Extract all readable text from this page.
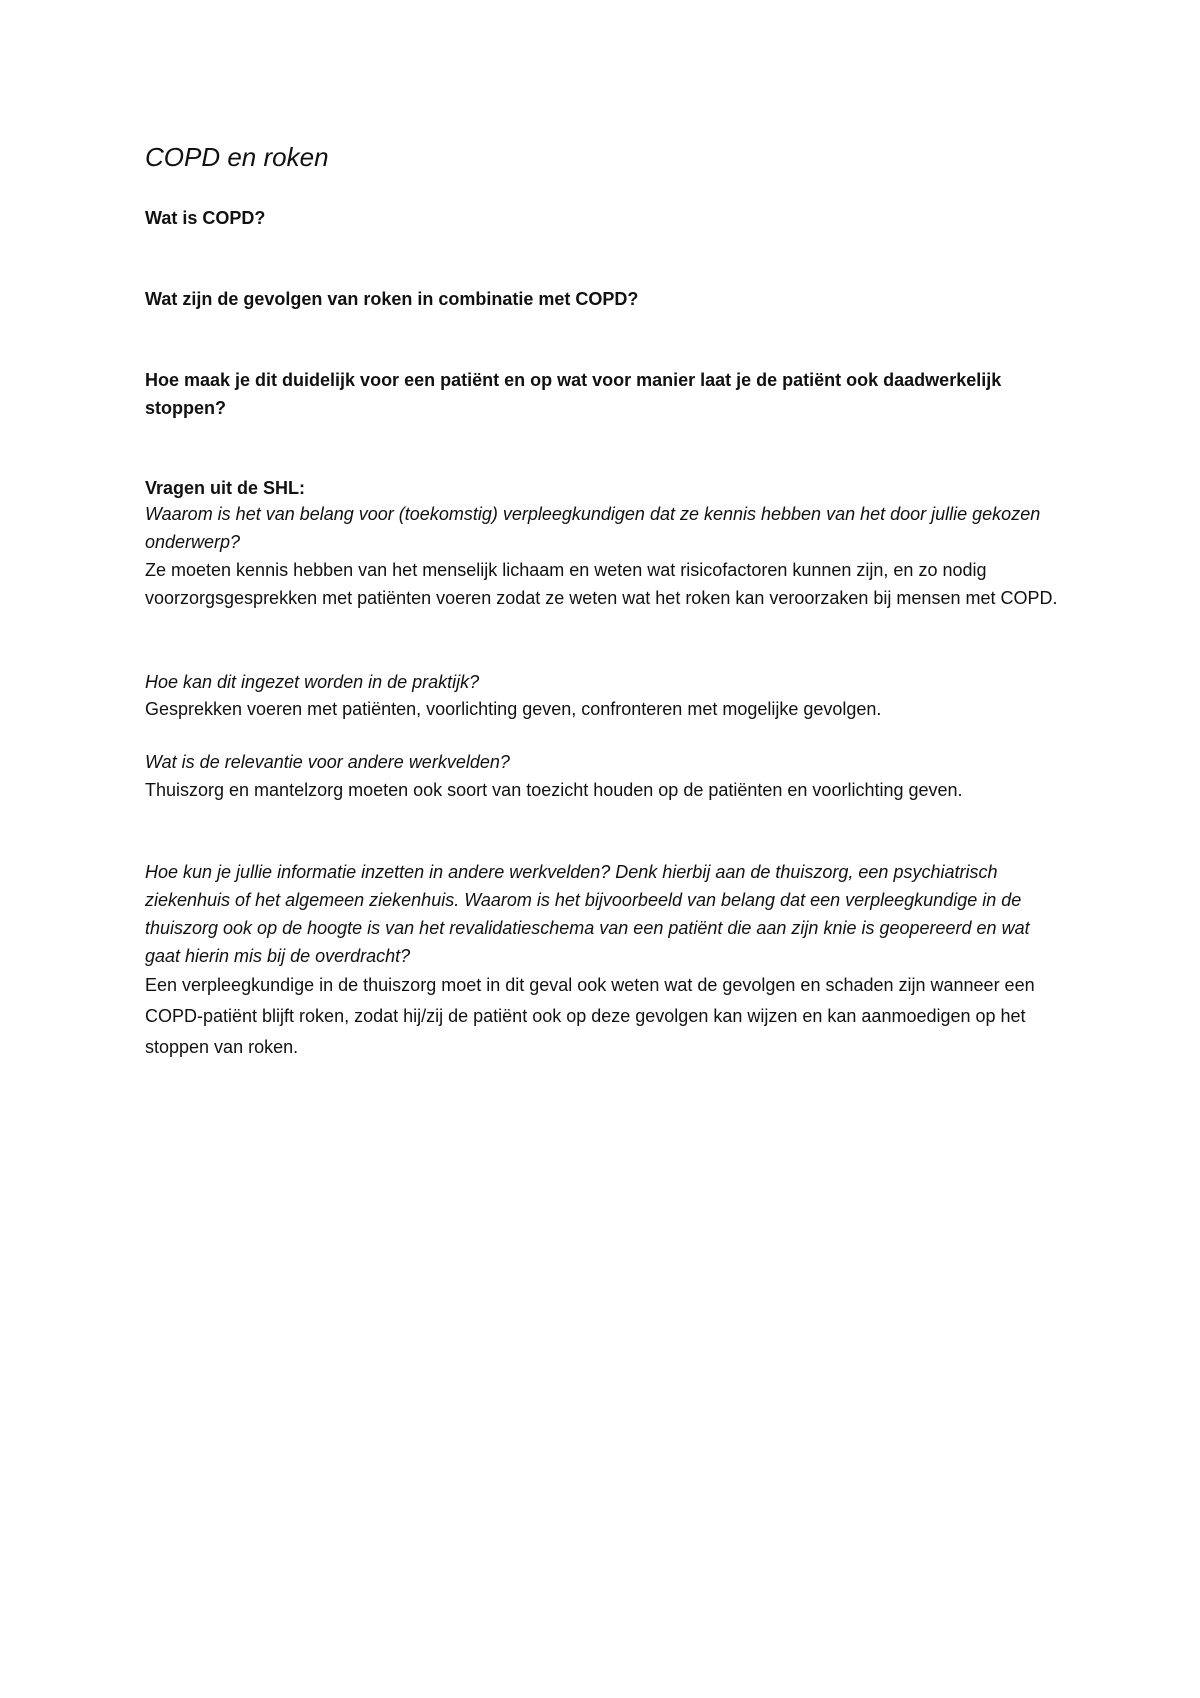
COPD en roken

Wat is COPD?

Wat zijn de gevolgen van roken in combinatie met COPD?

Hoe maak je dit duidelijk voor een patiënt en op wat voor manier laat je de patiënt ook daadwerkelijk stoppen?

Vragen uit de SHL:

Waarom is het van belang voor (toekomstig) verpleegkundigen dat ze kennis hebben van het door jullie gekozen onderwerp?

Ze moeten kennis hebben van het menselijk lichaam en weten wat risicofactoren kunnen zijn, en zo nodig voorzorgsgesprekken met patiënten voeren zodat ze weten wat het roken kan veroorzaken bij mensen met COPD.

Hoe kan dit ingezet worden in de praktijk?

Gesprekken voeren met patiënten, voorlichting geven, confronteren met mogelijke gevolgen.

Wat is de relevantie voor andere werkvelden?

Thuiszorg en mantelzorg moeten ook soort van toezicht houden op de patiënten en voorlichting geven.

Hoe kun je jullie informatie inzetten in andere werkvelden? Denk hierbij aan de thuiszorg, een psychiatrisch ziekenhuis of het algemeen ziekenhuis. Waarom is het bijvoorbeeld van belang dat een verpleegkundige in de thuiszorg ook op de hoogte is van het revalidatieschema van een patiënt die aan zijn knie is geopereerd en wat gaat hierin mis bij de overdracht?

Een verpleegkundige in de thuiszorg moet in dit geval ook weten wat de gevolgen en schaden zijn wanneer een COPD-patiënt blijft roken, zodat hij/zij de patiënt ook op deze gevolgen kan wijzen en kan aanmoedigen op het stoppen van roken.
